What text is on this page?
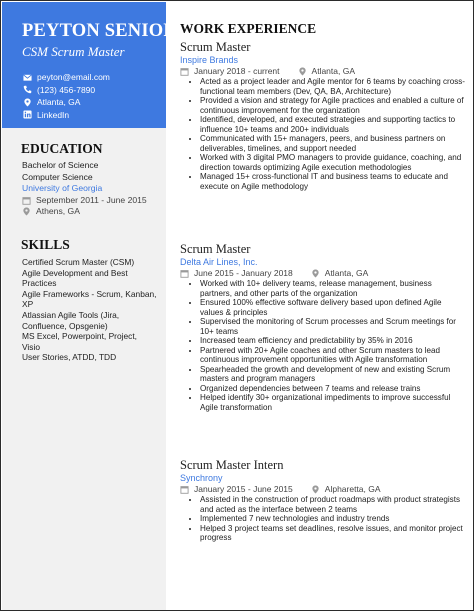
PEYTON SENIOR
CSM Scrum Master
peyton@email.com
(123) 456-7890
Atlanta, GA
LinkedIn
EDUCATION
Bachelor of Science
Computer Science
University of Georgia
September 2011 - June 2015
Athens, GA
SKILLS
Certified Scrum Master (CSM)
Agile Development and Best Practices
Agile Frameworks - Scrum, Kanban, XP
Atlassian Agile Tools (Jira, Confluence, Opsgenie)
MS Excel, Powerpoint, Project, Visio
User Stories, ATDD, TDD
WORK EXPERIENCE
Scrum Master
Inspire Brands
January 2018 - current	Atlanta, GA
• Acted as a project leader and Agile mentor for 6 teams by coaching cross-functional team members (Dev, QA, BA, Architecture)
• Provided a vision and strategy for Agile practices and enabled a culture of continuous improvement for the organization
• Identified, developed, and executed strategies and supporting tactics to influence 10+ teams and 200+ individuals
• Communicated with 15+ managers, peers, and business partners on deliverables, timelines, and support needed
• Worked with 3 digital PMO managers to provide guidance, coaching, and direction towards optimizing Agile execution methodologies
• Managed 15+ cross-functional IT and business teams to educate and execute on Agile methodology
Scrum Master
Delta Air Lines, Inc.
June 2015 - January 2018	Atlanta, GA
• Worked with 10+ delivery teams, release management, business partners, and other parts of the organization
• Ensured 100% effective software delivery based upon defined Agile values & principles
• Supervised the monitoring of Scrum processes and Scrum meetings for 10+ teams
• Increased team efficiency and predictability by 35% in 2016
• Partnered with 20+ Agile coaches and other Scrum masters to lead continuous improvement opportunities with Agile transformation
• Spearheaded the growth and development of new and existing Scrum masters and program managers
• Organized dependencies between 7 teams and release trains
• Helped identify 30+ organizational impediments to improve successful Agile transformation
Scrum Master Intern
Synchrony
January 2015 - June 2015	Alpharetta, GA
• Assisted in the construction of product roadmaps with product strategists and acted as the interface between 2 teams
• Implemented 7 new technologies and industry trends
• Helped 3 project teams set deadlines, resolve issues, and monitor project progress
